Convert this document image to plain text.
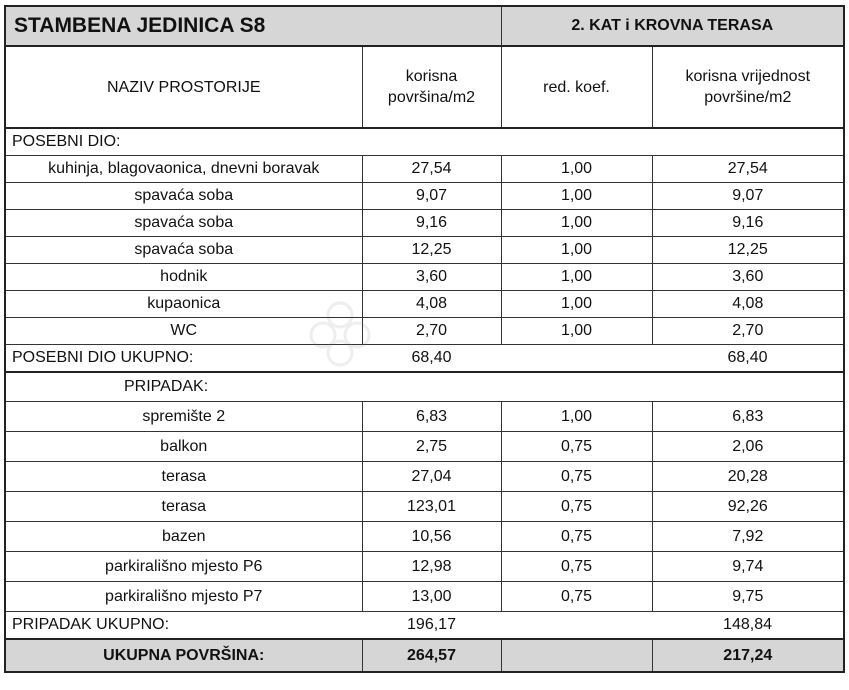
STAMBENA JEDINICA S8		2. KAT i KROVNA TERASA	
NAZIV PROSTORIJE	korisna površina/m2	red. koef.	korisna vrijednost površine/m2
POSEBNI DIO:			
kuhinja, blagovaonica, dnevni boravak	27,54	1,00	27,54
spavaća soba	9,07	1,00	9,07
spavaća soba	9,16	1,00	9,16
spavaća soba	12,25	1,00	12,25
hodnik	3,60	1,00	3,60
kupaonica	4,08	1,00	4,08
WC	2,70	1,00	2,70
POSEBNI DIO UKUPNO:	68,40		68,40
PRIPADAK:			
spremište 2	6,83	1,00	6,83
balkon	2,75	0,75	2,06
terasa	27,04	0,75	20,28
terasa	123,01	0,75	92,26
bazen	10,56	0,75	7,92
parkirališno mjesto P6	12,98	0,75	9,74
parkirališno mjesto P7	13,00	0,75	9,75
PRIPADAK UKUPNO:	196,17		148,84
UKUPNA POVRŠINA:	264,57		217,24
